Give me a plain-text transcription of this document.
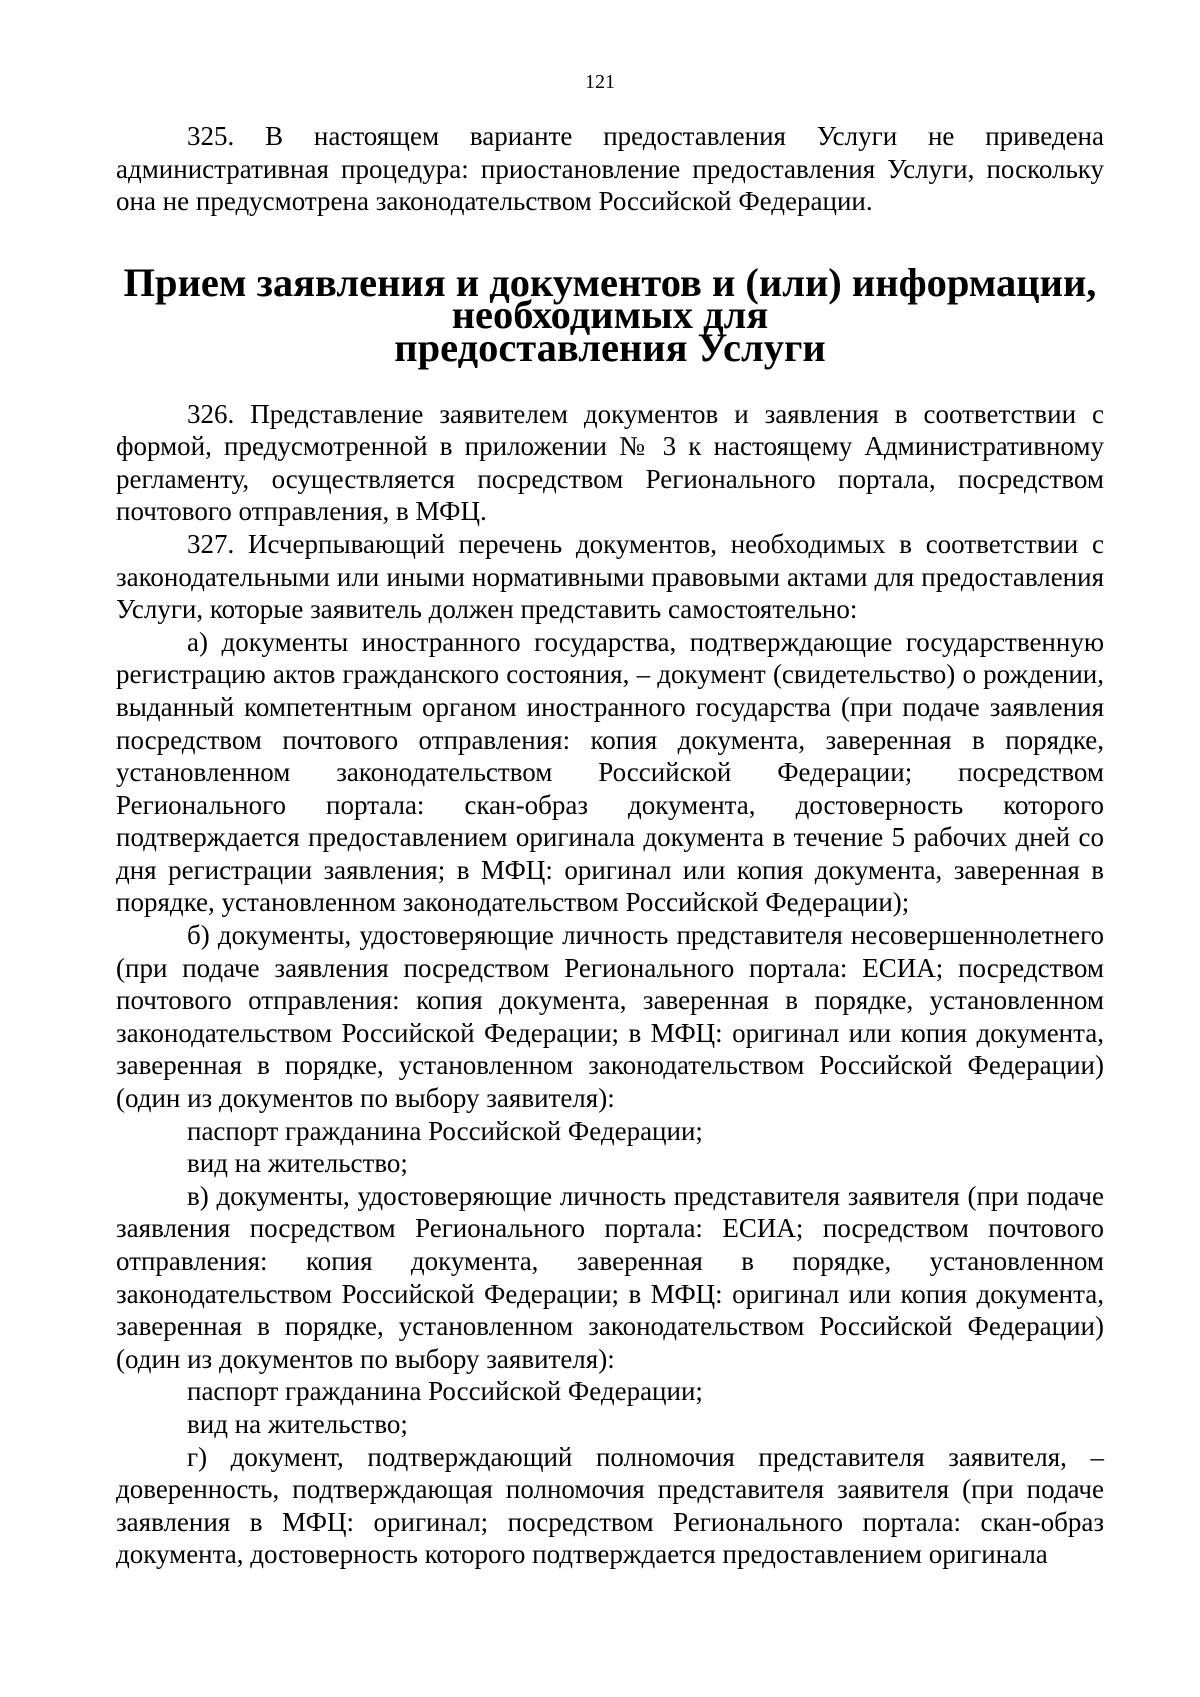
121

325. В настоящем варианте предоставления Услуги не приведена административная процедура: приостановление предоставления Услуги, поскольку она не предусмотрена законодательством Российской Федерации.

Прием заявления и документов и (или) информации, необходимых для
предоставления Услуги

326. Представление заявителем документов и заявления в соответствии с формой, предусмотренной в приложении № 3 к настоящему Административному регламенту, осуществляется посредством Регионального портала, посредством почтового отправления, в МФЦ.

327. Исчерпывающий перечень документов, необходимых в соответствии с законодательными или иными нормативными правовыми актами для предоставления Услуги, которые заявитель должен представить самостоятельно:

а) документы иностранного государства, подтверждающие государственную регистрацию актов гражданского состояния, – документ (свидетельство) о рождении, выданный компетентным органом иностранного государства (при подаче заявления посредством почтового отправления: копия документа, заверенная в порядке, установленном законодательством Российской Федерации; посредством Регионального портала: скан-образ документа, достоверность которого подтверждается предоставлением оригинала документа в течение 5 рабочих дней со дня регистрации заявления; в МФЦ: оригинал или копия документа, заверенная в порядке, установленном законодательством Российской Федерации);

б) документы, удостоверяющие личность представителя несовершеннолетнего (при подаче заявления посредством Регионального портала: ЕСИА; посредством почтового отправления: копия документа, заверенная в порядке, установленном законодательством Российской Федерации; в МФЦ: оригинал или копия документа, заверенная в порядке, установленном законодательством Российской Федерации) (один из документов по выбору заявителя):

паспорт гражданина Российской Федерации;

вид на жительство;

в) документы, удостоверяющие личность представителя заявителя (при подаче заявления посредством Регионального портала: ЕСИА; посредством почтового отправления: копия документа, заверенная в порядке, установленном законодательством Российской Федерации; в МФЦ: оригинал или копия документа, заверенная в порядке, установленном законодательством Российской Федерации) (один из документов по выбору заявителя):

паспорт гражданина Российской Федерации;

вид на жительство;

г) документ, подтверждающий полномочия представителя заявителя, – доверенность, подтверждающая полномочия представителя заявителя (при подаче заявления в МФЦ: оригинал; посредством Регионального портала: скан-образ документа, достоверность которого подтверждается предоставлением оригинала
